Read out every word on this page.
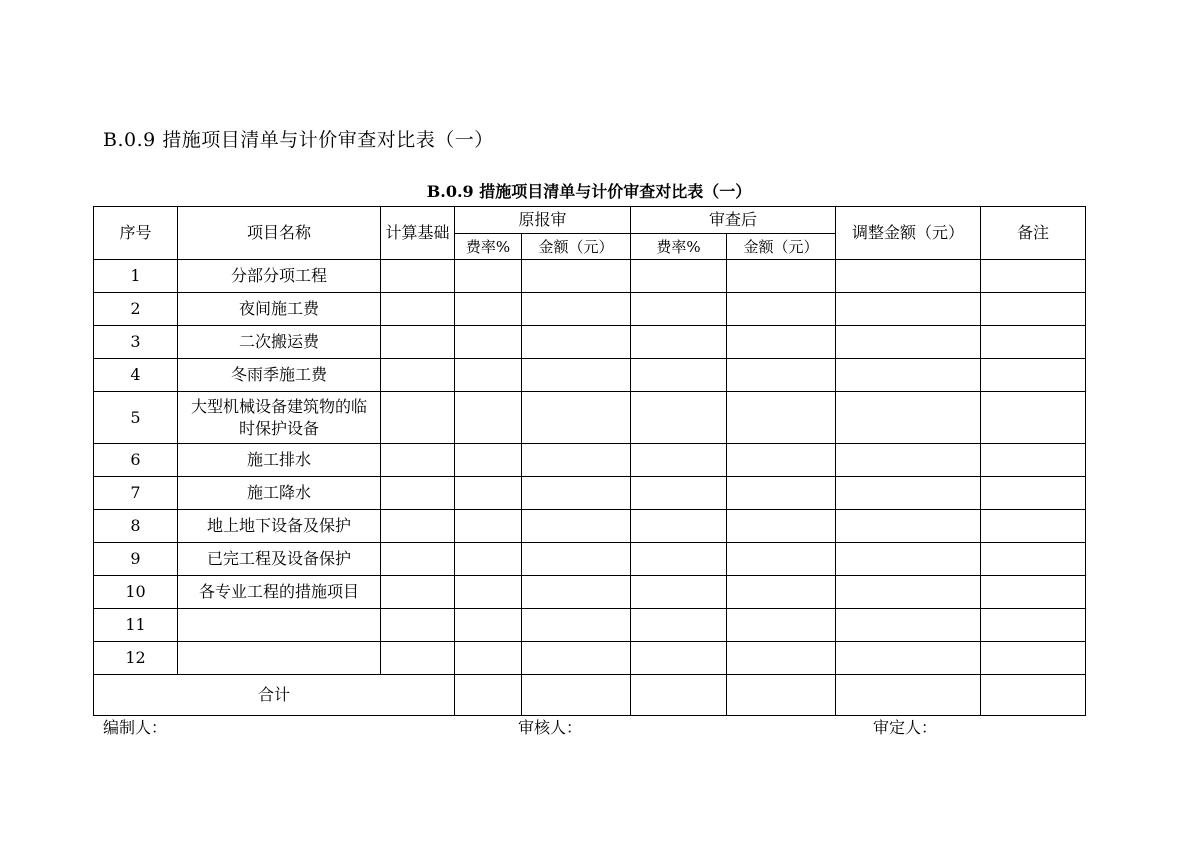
B.0.9 措施项目清单与计价审查对比表（一）
B.0.9 措施项目清单与计价审查对比表（一）
序号	项目名称	计算基础	原报审		审查后		调整金额（元）	备注
			费率%	金额（元）	费率%	金额（元）		
1	分部分项工程							
2	夜间施工费							
3	二次搬运费							
4	冬雨季施工费							
5	大型机械设备建筑物的临时保护设备							
6	施工排水							
7	施工降水							
8	地上地下设备及保护							
9	已完工程及设备保护							
10	各专业工程的措施项目							
11								
12								
合计								
编制人：	审核人：	审定人：
